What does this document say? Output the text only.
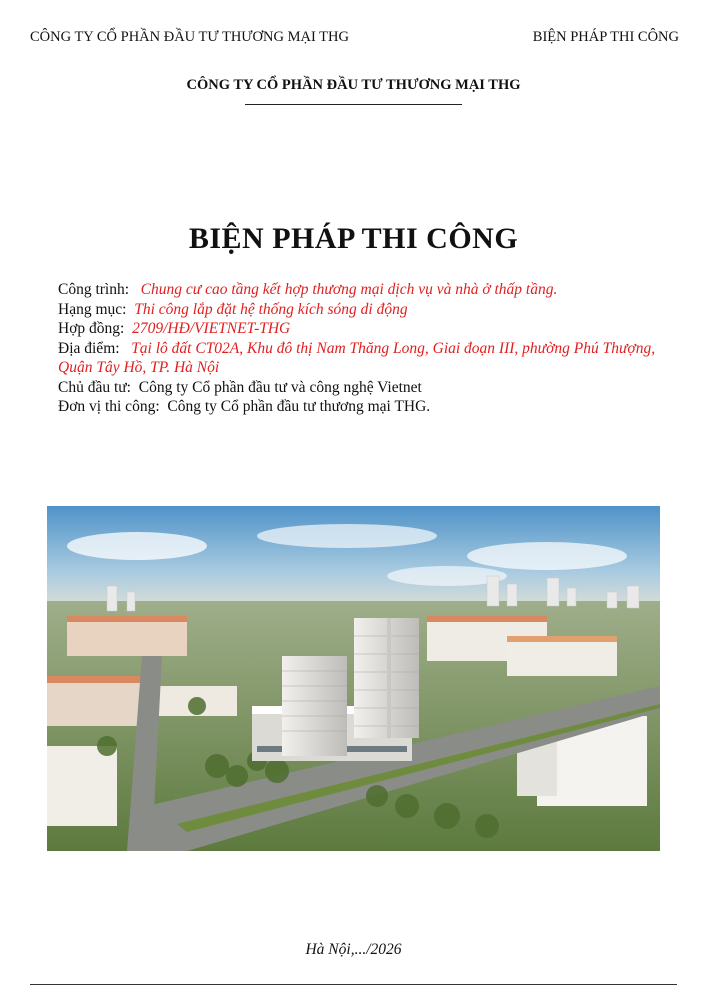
CÔNG TY CỔ PHẦN ĐẦU TƯ THƯƠNG MẠI THG	BIỆN PHÁP THI CÔNG
CÔNG TY CỔ PHẦN ĐẦU TƯ THƯƠNG MẠI THG
BIỆN PHÁP THI CÔNG
Công trình: Chung cư cao tầng kết hợp thương mại dịch vụ và nhà ở thấp tầng.
Hạng mục: Thi công lắp đặt hệ thống kích sóng di động
Hợp đồng: 2709/HĐ/VIETNET-THG
Địa điểm: Tại lô đất CT02A, Khu đô thị Nam Thăng Long, Giai đoạn III, phường Phú Thượng, Quận Tây Hồ, TP. Hà Nội
Chủ đầu tư: Công ty Cổ phần đầu tư và công nghệ Vietnet
Đơn vị thi công: Công ty Cổ phần đầu tư thương mại THG.
Hà Nội,.../2026
